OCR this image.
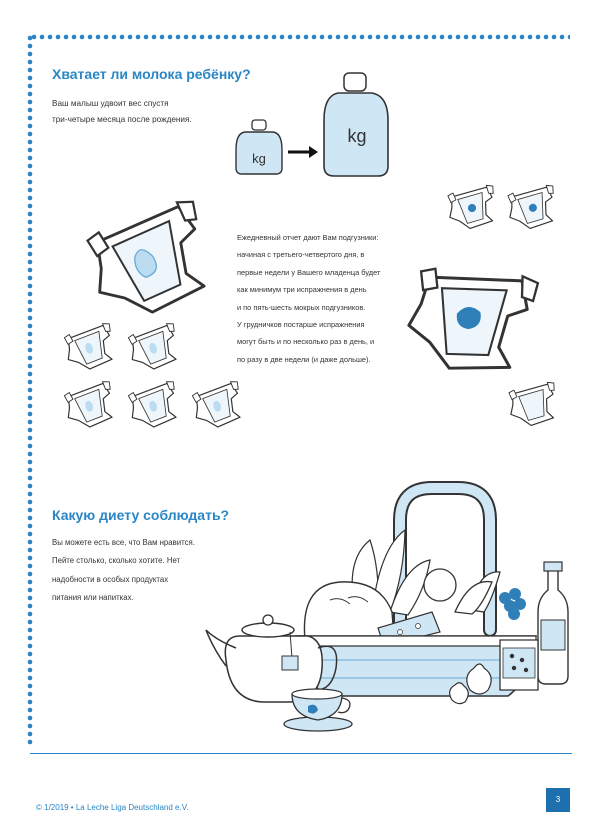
Хватает ли молока ребёнку?
Ваш малыш удвоит вес спустя
три-четыре месяца после рождения.
Ежедневный отчет дают Вам подгузники:
начиная с третьего-четвертого дня, в
первые недели у Вашего младенца будет
как минимум три испражнения в день
и по пять-шесть мокрых подгузников.
У грудничков постарше испражнения
могут быть и по несколько раз в день, и
по разу в две недели (и даже дольше).
Какую диету соблюдать?
Вы можете есть все, что Вам нравится.
Пейте столько, сколько хотите. Нет
надобности в особых продуктах
питания или напитках.
kg
kg
© 1/2019 • La Leche Liga Deutschland e.V.
3
